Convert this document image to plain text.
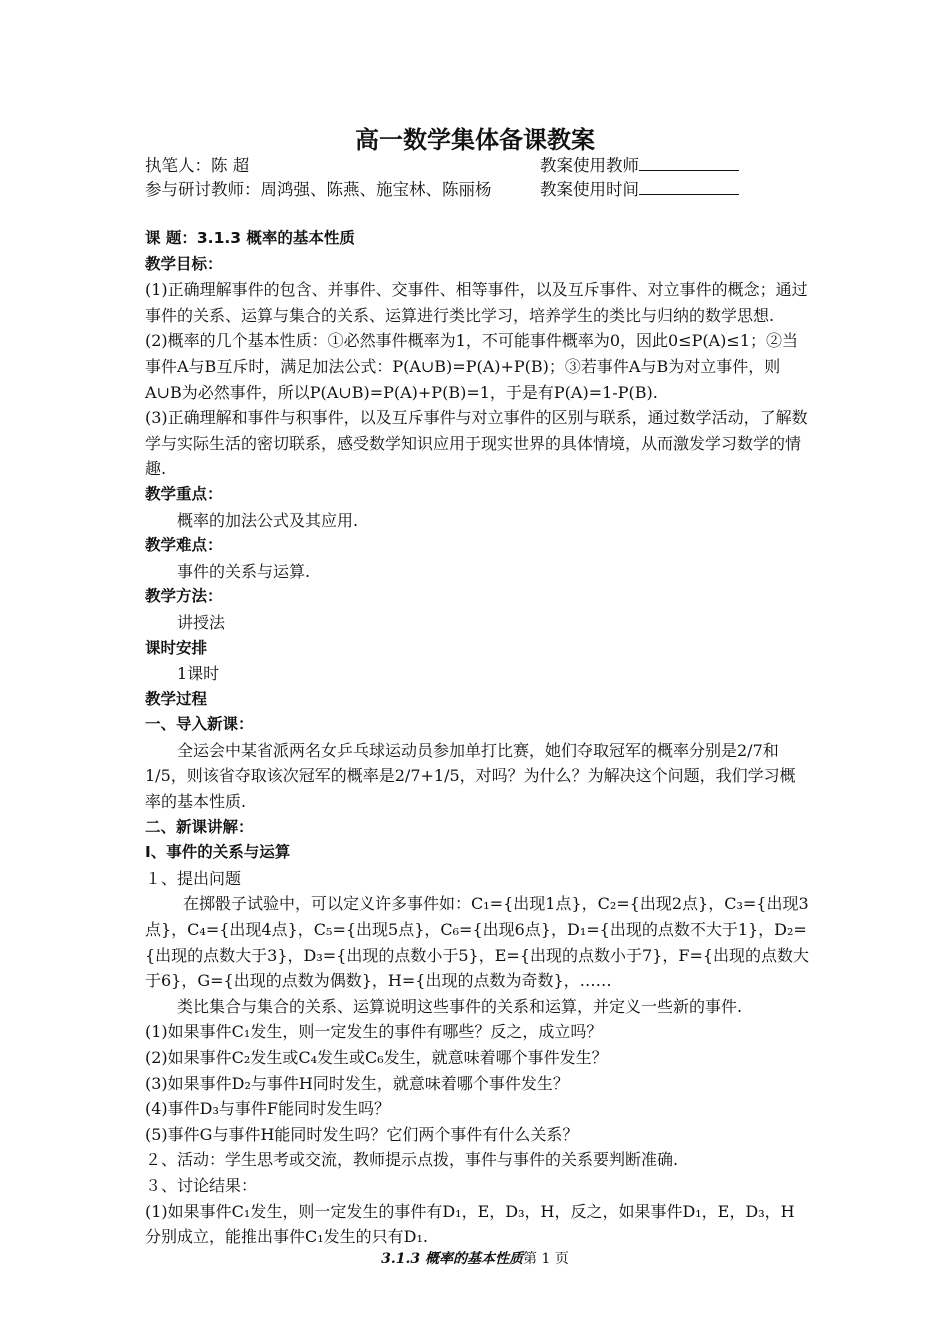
高一数学集体备课教案
执笔人：陈 超	教案使用教师
参与研讨教师：周鸿强、陈燕、施宝林、陈丽杨	教案使用时间

课 题：3.1.3 概率的基本性质

教学目标：

(1)正确理解事件的包含、并事件、交事件、相等事件，以及互斥事件、对立事件的概念；通过事件的关系、运算与集合的关系、运算进行类比学习，培养学生的类比与归纳的数学思想.

(2)概率的几个基本性质：①必然事件概率为1，不可能事件概率为0，因此0≤P(A)≤1；②当事件A与B互斥时，满足加法公式：P(A∪B)=P(A)+P(B)；③若事件A与B为对立事件，则A∪B为必然事件，所以P(A∪B)=P(A)+P(B)=1，于是有P(A)=1-P(B).

(3)正确理解和事件与积事件，以及互斥事件与对立事件的区别与联系，通过数学活动，了解数学与实际生活的密切联系，感受数学知识应用于现实世界的具体情境，从而激发学习数学的情趣.

教学重点：

概率的加法公式及其应用.

教学难点：

事件的关系与运算.

教学方法：

讲授法

课时安排

1课时

教学过程

一、导入新课：

全运会中某省派两名女乒乓球运动员参加单打比赛，她们夺取冠军的概率分别是2/7和1/5，则该省夺取该次冠军的概率是2/7+1/5，对吗？为什么？为解决这个问题，我们学习概率的基本性质.

二、新课讲解：

Ⅰ、事件的关系与运算

１、提出问题

在掷骰子试验中，可以定义许多事件如：C₁={出现1点}，C₂={出现2点}，C₃={出现3点}，C₄={出现4点}，C₅={出现5点}，C₆={出现6点}，D₁={出现的点数不大于1}，D₂={出现的点数大于3}，D₃={出现的点数小于5}，E={出现的点数小于7}，F={出现的点数大于6}，G={出现的点数为偶数}，H={出现的点数为奇数}，……

类比集合与集合的关系、运算说明这些事件的关系和运算，并定义一些新的事件.

(1)如果事件C₁发生，则一定发生的事件有哪些？反之，成立吗？

(2)如果事件C₂发生或C₄发生或C₆发生，就意味着哪个事件发生？

(3)如果事件D₂与事件H同时发生，就意味着哪个事件发生？

(4)事件D₃与事件F能同时发生吗？

(5)事件G与事件H能同时发生吗？它们两个事件有什么关系？

２、活动：学生思考或交流，教师提示点拨，事件与事件的关系要判断准确.

３、讨论结果：

(1)如果事件C₁发生，则一定发生的事件有D₁，E，D₃，H，反之，如果事件D₁，E，D₃，H分别成立，能推出事件C₁发生的只有D₁.

3.1.3 概率的基本性质第 1 页
